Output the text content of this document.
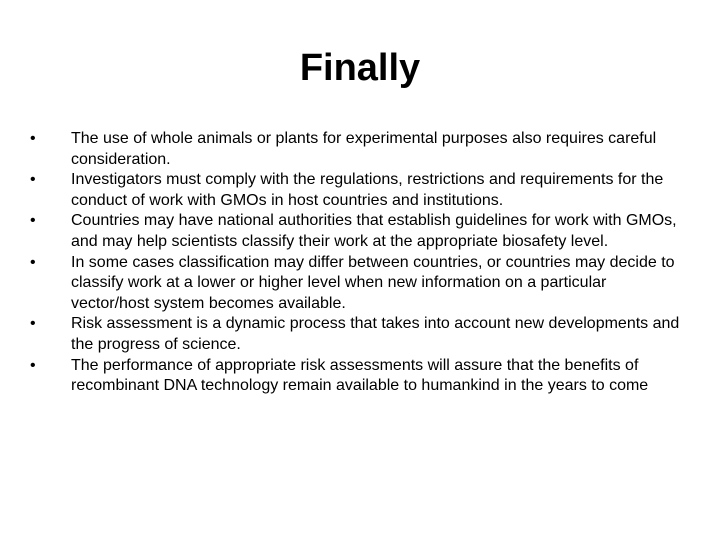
Finally
•	The use of whole animals or plants for experimental purposes also requires careful consideration.
•	Investigators must comply with the regulations, restrictions and requirements for the conduct of work with GMOs in host countries and institutions.
•	Countries may have national authorities that establish guidelines for work with GMOs, and may help scientists classify their work at the appropriate biosafety level.
•	In some cases classification may differ between countries, or countries may decide to classify work at a lower or higher level when new information on a particular vector/host system becomes available.
•	Risk assessment is a dynamic process that takes into account new developments and the progress of science.
•	The performance of appropriate risk assessments will assure that the benefits of recombinant DNA technology remain available to humankind in the years to come
